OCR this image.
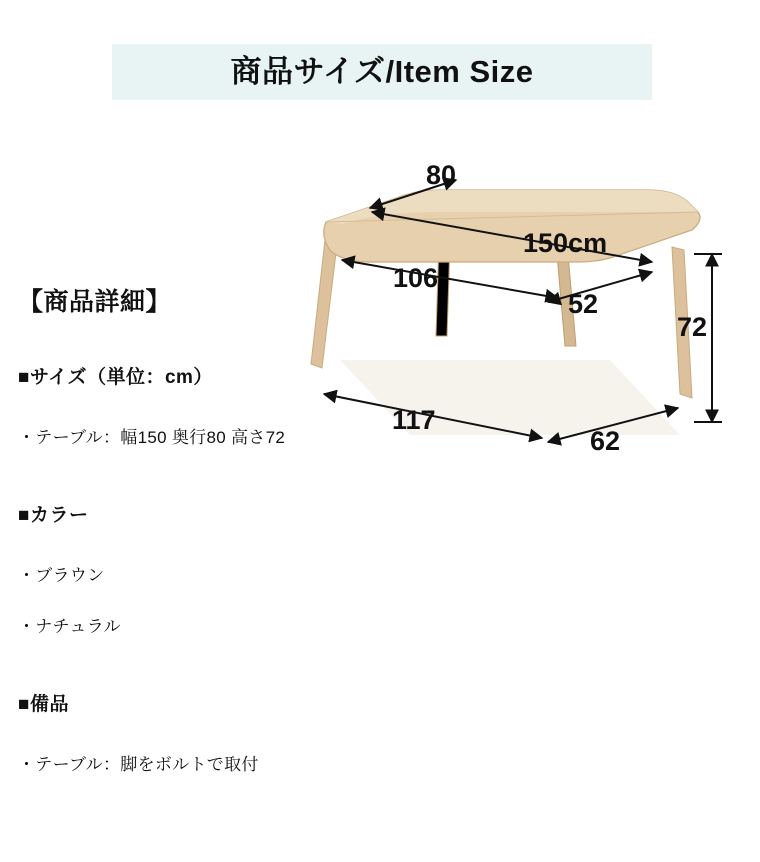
商品サイズ/Item Size
【商品詳細】
■サイズ（単位：cm）
・テーブル：幅150 奥行80 高さ72
■カラー
・ブラウン
・ナチュラル
■備品
・テーブル：脚をボルトで取付
80
150cm
106
52
72
117
62
